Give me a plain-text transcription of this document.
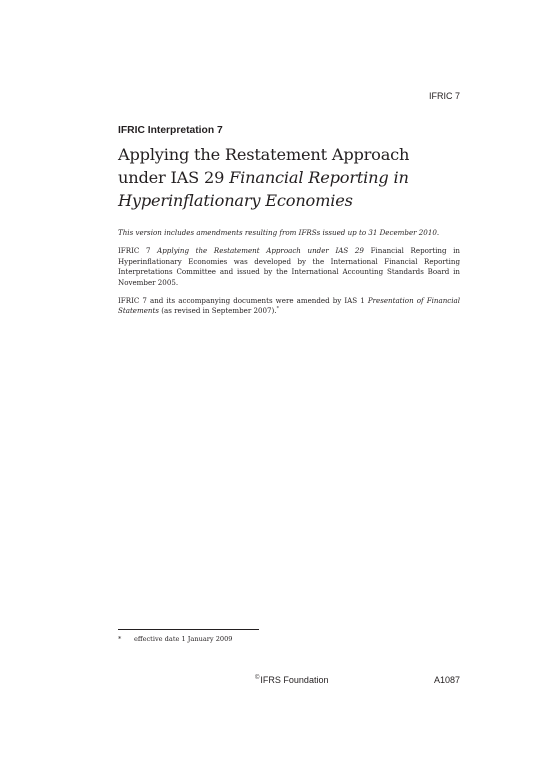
IFRIC 7
IFRIC Interpretation 7
Applying the Restatement Approach
under IAS 29 Financial Reporting in
Hyperinflationary Economies

This version includes amendments resulting from IFRSs issued up to 31 December 2010.

IFRIC 7 Applying the Restatement Approach under IAS 29 Financial Reporting in Hyperinflationary Economies was developed by the International Financial Reporting Interpretations Committee and issued by the International Accounting Standards Board in November 2005.

IFRIC 7 and its accompanying documents were amended by IAS 1 Presentation of Financial Statements (as revised in September 2007).*

* effective date 1 January 2009
©IFRS Foundation	A1087
